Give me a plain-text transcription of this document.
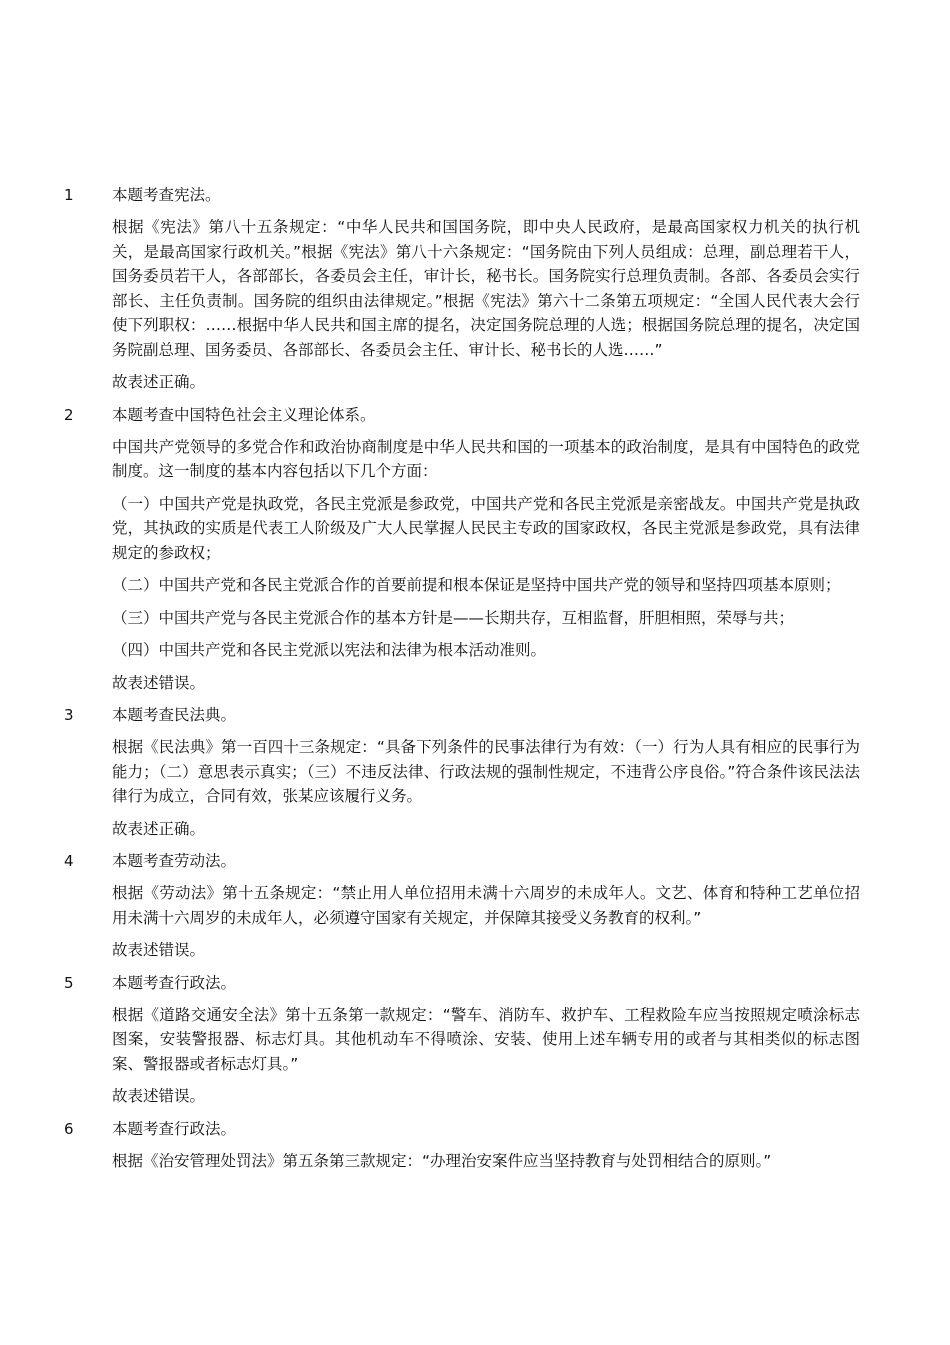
1 本题考查宪法。
根据《宪法》第八十五条规定：“中华人民共和国国务院，即中央人民政府，是最高国家权力机关的执行机关，是最高国家行政机关。”根据《宪法》第八十六条规定：“国务院由下列人员组成：总理，副总理若干人，国务委员若干人，各部部长，各委员会主任，审计长，秘书长。国务院实行总理负责制。各部、各委员会实行部长、主任负责制。国务院的组织由法律规定。”根据《宪法》第六十二条第五项规定：“全国人民代表大会行使下列职权：……根据中华人民共和国主席的提名，决定国务院总理的人选；根据国务院总理的提名，决定国务院副总理、国务委员、各部部长、各委员会主任、审计长、秘书长的人选……”
故表述正确。
2 本题考查中国特色社会主义理论体系。
中国共产党领导的多党合作和政治协商制度是中华人民共和国的一项基本的政治制度，是具有中国特色的政党制度。这一制度的基本内容包括以下几个方面：
（一）中国共产党是执政党，各民主党派是参政党，中国共产党和各民主党派是亲密战友。中国共产党是执政党，其执政的实质是代表工人阶级及广大人民掌握人民民主专政的国家政权，各民主党派是参政党，具有法律规定的参政权；
（二）中国共产党和各民主党派合作的首要前提和根本保证是坚持中国共产党的领导和坚持四项基本原则；
（三）中国共产党与各民主党派合作的基本方针是——长期共存，互相监督，肝胆相照，荣辱与共；
（四）中国共产党和各民主党派以宪法和法律为根本活动准则。
故表述错误。
3 本题考查民法典。
根据《民法典》第一百四十三条规定：“具备下列条件的民事法律行为有效：（一）行为人具有相应的民事行为能力；（二）意思表示真实；（三）不违反法律、行政法规的强制性规定，不违背公序良俗。”符合条件该民法法律行为成立，合同有效，张某应该履行义务。
故表述正确。
4 本题考查劳动法。
根据《劳动法》第十五条规定：“禁止用人单位招用未满十六周岁的未成年人。文艺、体育和特种工艺单位招用未满十六周岁的未成年人，必须遵守国家有关规定，并保障其接受义务教育的权利。”
故表述错误。
5 本题考查行政法。
根据《道路交通安全法》第十五条第一款规定：“警车、消防车、救护车、工程救险车应当按照规定喷涂标志图案，安装警报器、标志灯具。其他机动车不得喷涂、安装、使用上述车辆专用的或者与其相类似的标志图案、警报器或者标志灯具。”
故表述错误。
6 本题考查行政法。
根据《治安管理处罚法》第五条第三款规定：“办理治安案件应当坚持教育与处罚相结合的原则。”
